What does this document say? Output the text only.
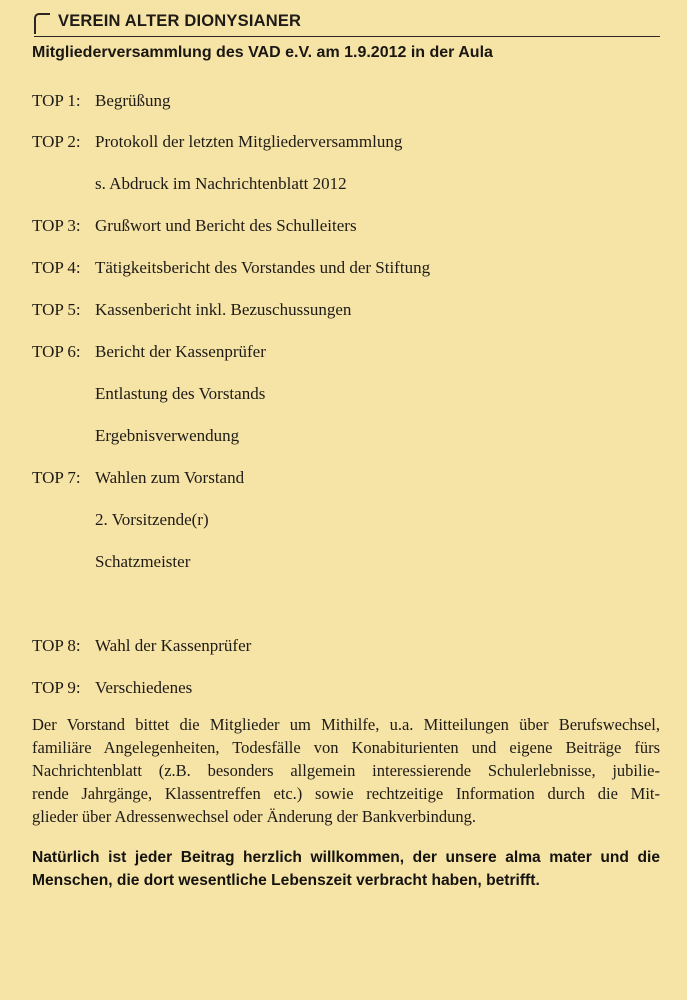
VEREIN ALTER DIONYSIANER
Mitgliederversammlung des VAD e.V. am 1.9.2012 in der Aula
TOP 1: Begrüßung
TOP 2: Protokoll der letzten Mitgliederversammlung
s. Abdruck im Nachrichtenblatt 2012
TOP 3: Grußwort und Bericht des Schulleiters
TOP 4: Tätigkeitsbericht des Vorstandes und der Stiftung
TOP 5: Kassenbericht inkl. Bezuschussungen
TOP 6: Bericht der Kassenprüfer
Entlastung des Vorstands
Ergebnisverwendung
TOP 7: Wahlen zum Vorstand
2. Vorsitzende(r)
Schatzmeister
TOP 8: Wahl der Kassenprüfer
TOP 9: Verschiedenes
Der Vorstand bittet die Mitglieder um Mithilfe, u.a. Mitteilungen über Berufswechsel,
familiäre Angelegenheiten, Todesfälle von Konabiturienten und eigene Beiträge fürs
Nachrichtenblatt (z.B. besonders allgemein interessierende Schulerlebnisse, jubilie-
rende Jahrgänge, Klassentreffen etc.) sowie rechtzeitige Information durch die Mit-
glieder über Adressenwechsel oder Änderung der Bankverbindung.
Natürlich ist jeder Beitrag herzlich willkommen, der unsere alma mater und die
Menschen, die dort wesentliche Lebenszeit verbracht haben, betrifft.
